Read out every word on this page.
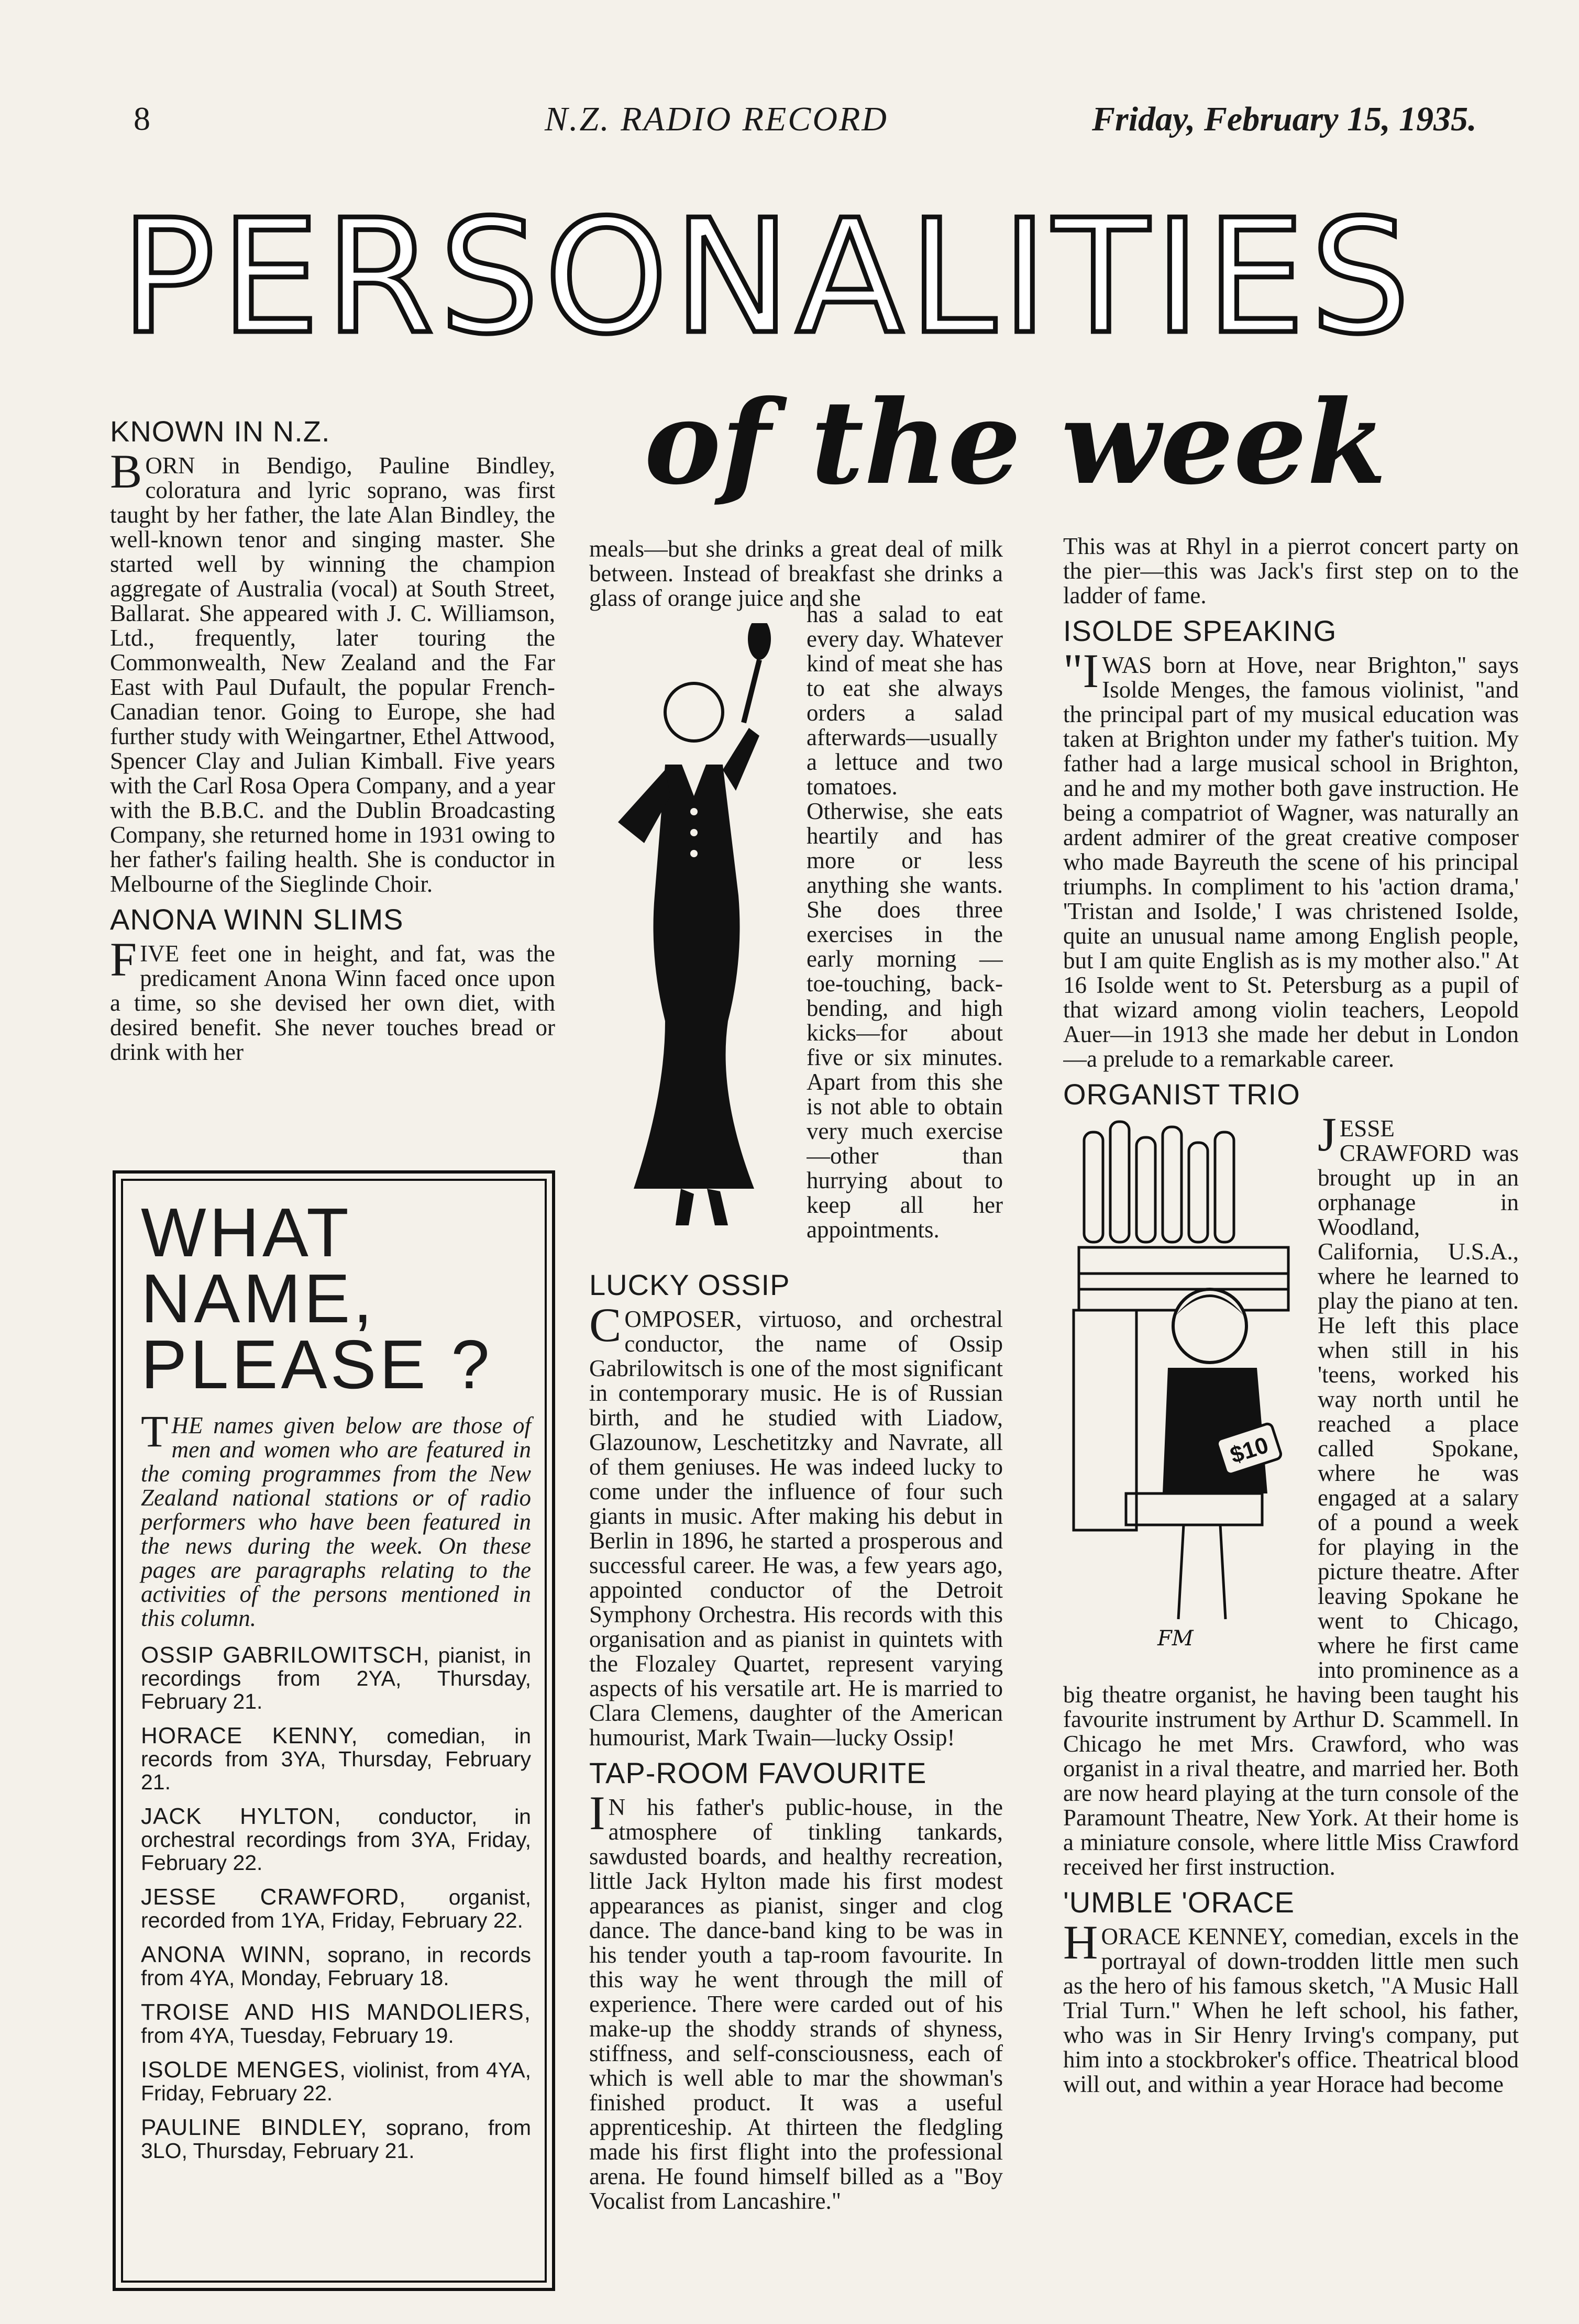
8	N.Z. RADIO RECORD	Friday, February 15, 1935.
PERSONALITIES
of the week
KNOWN IN N.Z.

BORN in Bendigo, Pauline Bindley, coloratura and lyric soprano, was first taught by her father, the late Alan Bindley, the well-known tenor and singing master. She started well by winning the champion aggregate of Australia (vocal) at South Street, Ballarat. She appeared with J. C. Williamson, Ltd., frequently, later touring the Commonwealth, New Zealand and the Far East with Paul Dufault, the popular French-Canadian tenor. Going to Europe, she had further study with Weingartner, Ethel Attwood, Spencer Clay and Julian Kimball. Five years with the Carl Rosa Opera Company, and a year with the B.B.C. and the Dublin Broadcasting Company, she returned home in 1931 owing to her father's failing health. She is conductor in Melbourne of the Sieglinde Choir.

ANONA WINN SLIMS

FIVE feet one in height, and fat, was the predicament Anona Winn faced once upon a time, so she devised her own diet, with desired benefit. She never touches bread or drink with her

WHAT
NAME,
PLEASE ?

THE names given below are those of men and women who are featured in the coming programmes from the New Zealand national stations or of radio performers who have been featured in the news during the week. On these pages are paragraphs relating to the activities of the persons mentioned in this column.

OSSIP GABRILOWITSCH, pianist, in recordings from 2YA, Thursday, February 21.

HORACE KENNY, comedian, in records from 3YA, Thursday, February 21.

JACK HYLTON, conductor, in orchestral recordings from 3YA, Friday, February 22.

JESSE CRAWFORD, organist, recorded from 1YA, Friday, February 22.

ANONA WINN, soprano, in records from 4YA, Monday, February 18.

TROISE AND HIS MANDOLIERS, from 4YA, Tuesday, February 19.

ISOLDE MENGES, violinist, from 4YA, Friday, February 22.

PAULINE BINDLEY, soprano, from 3LO, Thursday, February 21.

meals—but she drinks a great deal of milk between. Instead of breakfast she drinks a glass of orange juice and she

has a salad to eat every day. Whatever kind of meat she has to eat she always orders a salad afterwards—usually a lettuce and two tomatoes. Otherwise, she eats heartily and has more or less anything she wants. She does three exercises in the early morning — toe-touching, back-bending, and high kicks—for about five or six minutes. Apart from this she is not able to obtain very much exercise —other than hurrying about to keep all her appointments.

LUCKY OSSIP

COMPOSER, virtuoso, and orchestral conductor, the name of Ossip Gabrilowitsch is one of the most significant in contemporary music. He is of Russian birth, and he studied with Liadow, Glazounow, Leschetitzky and Navrate, all of them geniuses. He was indeed lucky to come under the influence of four such giants in music. After making his debut in Berlin in 1896, he started a prosperous and successful career. He was, a few years ago, appointed conductor of the Detroit Symphony Orchestra. His records with this organisation and as pianist in quintets with the Flozaley Quartet, represent varying aspects of his versatile art. He is married to Clara Clemens, daughter of the American humourist, Mark Twain—lucky Ossip!

TAP-ROOM FAVOURITE

IN his father's public-house, in the atmosphere of tinkling tankards, sawdusted boards, and healthy recreation, little Jack Hylton made his first modest appearances as pianist, singer and clog dance. The dance-band king to be was in his tender youth a tap-room favourite. In this way he went through the mill of experience. There were carded out of his make-up the shoddy strands of shyness, stiffness, and self-consciousness, each of which is well able to mar the showman's finished product. It was a useful apprenticeship. At thirteen the fledgling made his first flight into the professional arena. He found himself billed as a "Boy Vocalist from Lancashire."

This was at Rhyl in a pierrot concert party on the pier—this was Jack's first step on to the ladder of fame.

ISOLDE SPEAKING

"IWAS born at Hove, near Brighton," says Isolde Menges, the famous violinist, "and the principal part of my musical education was taken at Brighton under my father's tuition. My father had a large musical school in Brighton, and he and my mother both gave instruction. He being a compatriot of Wagner, was naturally an ardent admirer of the great creative composer who made Bayreuth the scene of his principal triumphs. In compliment to his 'action drama,' 'Tristan and Isolde,' I was christened Isolde, quite an unusual name among English people, but I am quite English as is my mother also." At 16 Isolde went to St. Petersburg as a pupil of that wizard among violin teachers, Leopold Auer—in 1913 she made her debut in London—a prelude to a remarkable career.

ORGANIST TRIO
$10
FM

JESSE CRAWFORD was brought up in an orphanage in Woodland, California, U.S.A., where he learned to play the piano at ten. He left this place when still in his 'teens, worked his way north until he reached a place called Spokane, where he was engaged at a salary of a pound a week for playing in the picture theatre. After leaving Spokane he went to Chicago, where he first came into prominence as a big theatre organist, he having been taught his favourite instrument by Arthur D. Scammell. In Chicago he met Mrs. Crawford, who was organist in a rival theatre, and married her. Both are now heard playing at the turn console of the Paramount Theatre, New York. At their home is a miniature console, where little Miss Crawford received her first instruction.

'UMBLE 'ORACE

HORACE KENNEY, comedian, excels in the portrayal of down-trodden little men such as the hero of his famous sketch, "A Music Hall Trial Turn." When he left school, his father, who was in Sir Henry Irving's company, put him into a stockbroker's office. Theatrical blood will out, and within a year Horace had become
